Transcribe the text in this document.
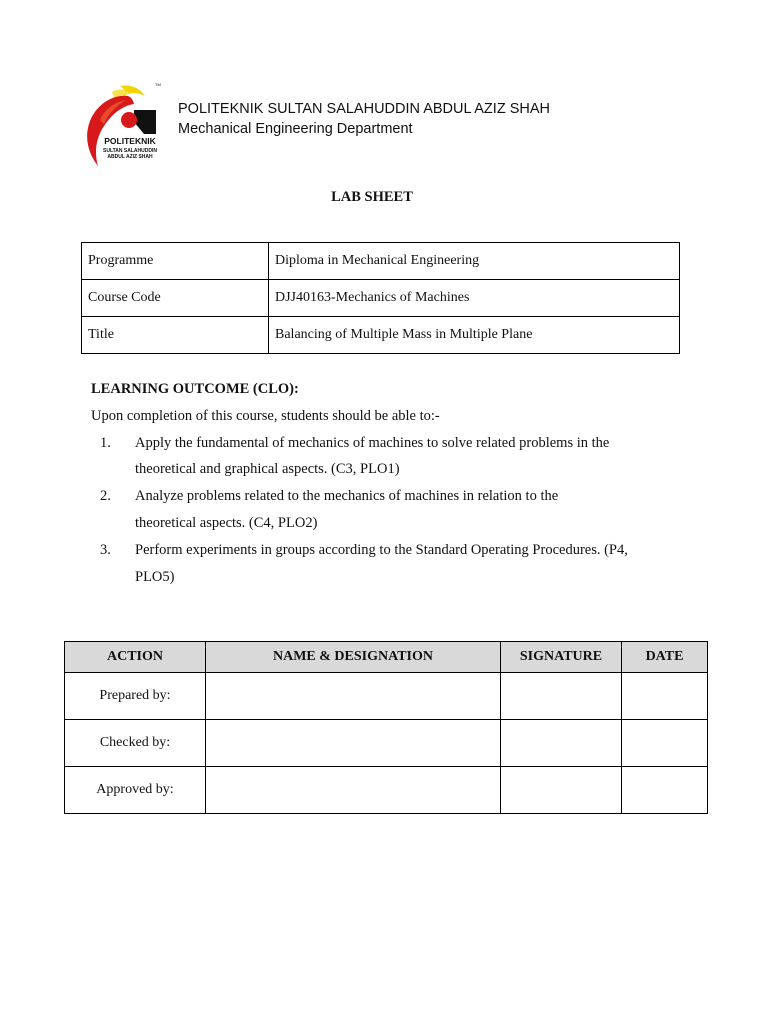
TM
POLITEKNIK
SULTAN SALAHUDDIN
ABDUL AZIZ SHAH
POLITEKNIK SULTAN SALAHUDDIN ABDUL AZIZ SHAH
Mechanical Engineering Department
LAB SHEET
Programme	Diploma in Mechanical Engineering
Course Code	DJJ40163-Mechanics of Machines
Title	Balancing of Multiple Mass in Multiple Plane
LEARNING OUTCOME (CLO):
Upon completion of this course, students should be able to:-
1. Apply the fundamental of mechanics of machines to solve related problems in the
theoretical and graphical aspects. (C3, PLO1)
2. Analyze problems related to the mechanics of machines in relation to the
theoretical aspects. (C4, PLO2)
3. Perform experiments in groups according to the Standard Operating Procedures. (P4,
PLO5)
ACTION	NAME & DESIGNATION	SIGNATURE	DATE
Prepared by:			
Checked by:			
Approved by:			
